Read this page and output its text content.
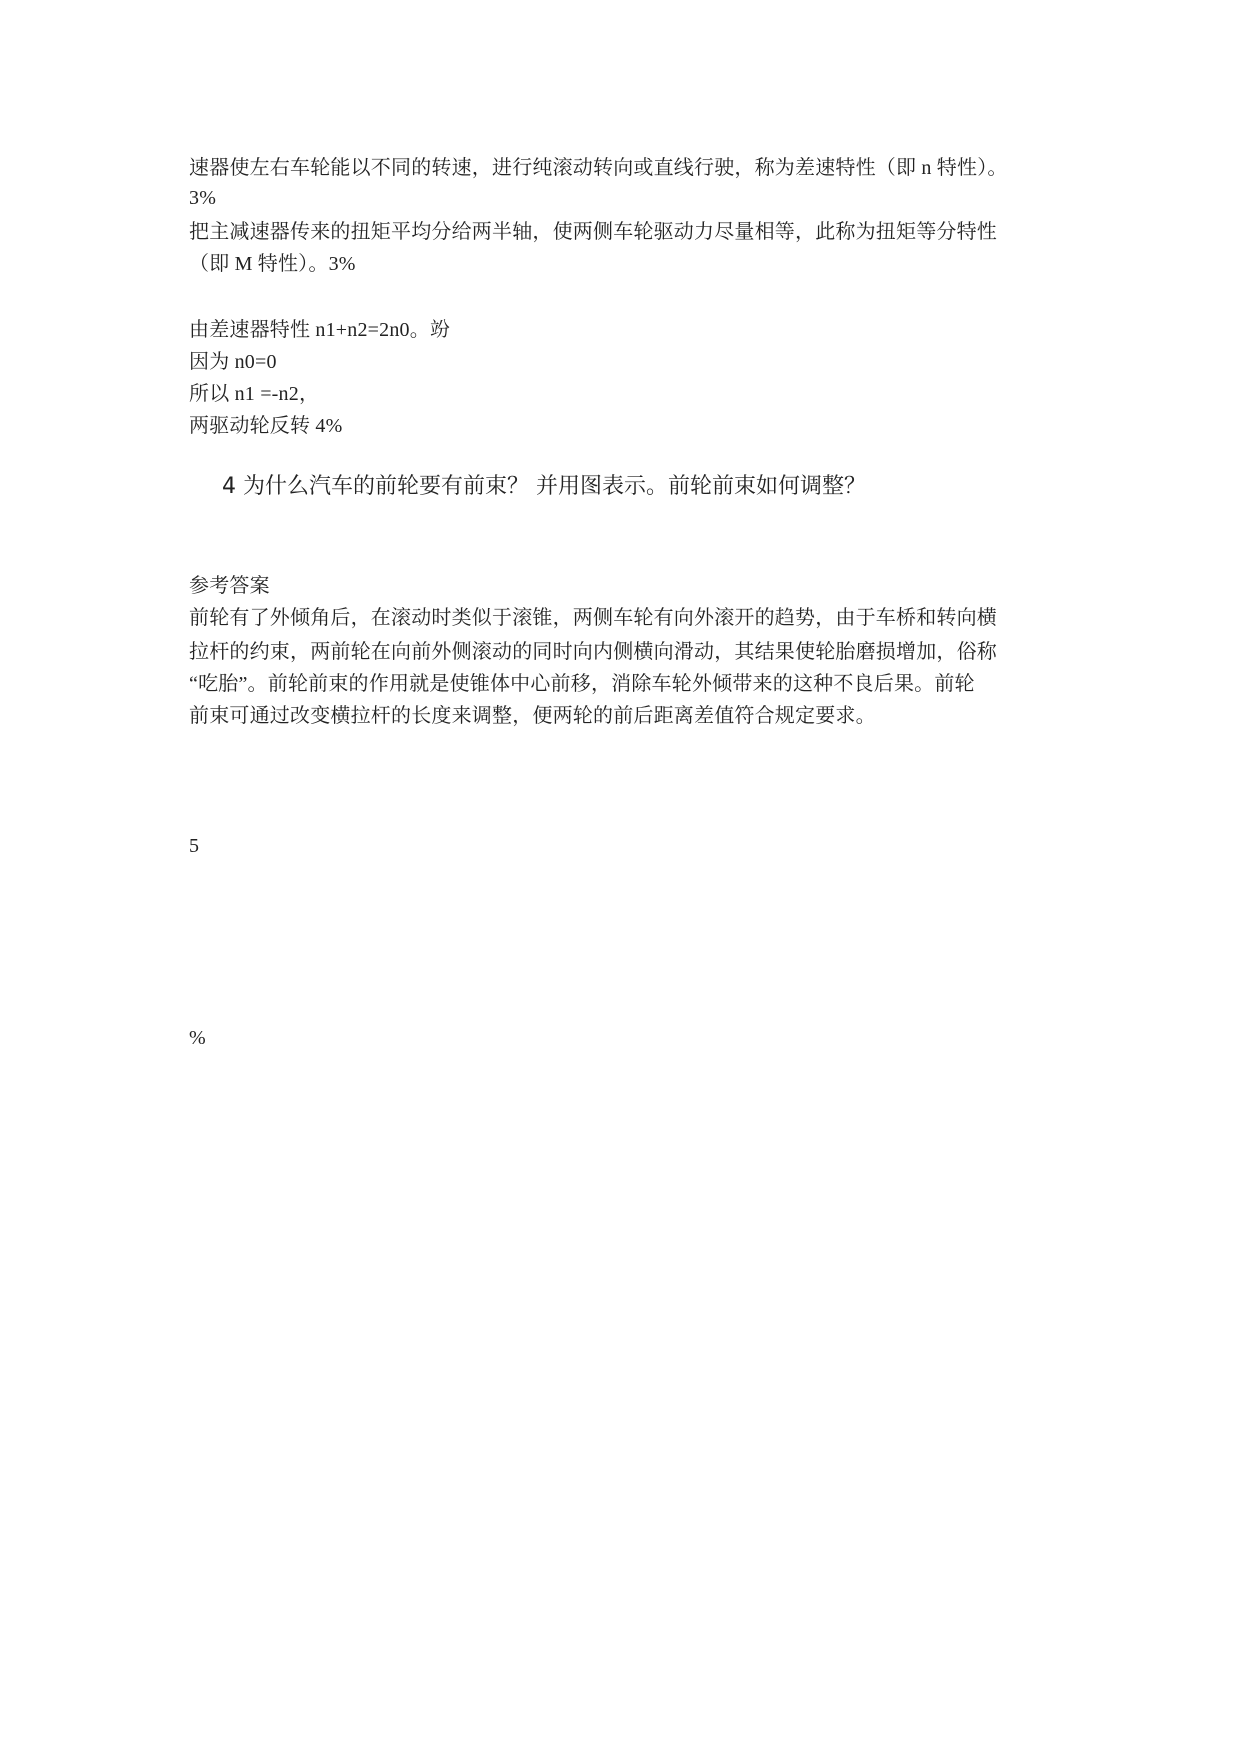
速器使左右车轮能以不同的转速，进行纯滚动转向或直线行驶，称为差速特性（即 n 特性）。
3%
把主减速器传来的扭矩平均分给两半轴，使两侧车轮驱动力尽量相等，此称为扭矩等分特性
（即 M 特性）。3%
由差速器特性 n1+n2=2n0。竕
因为 n0=0
所以 n1 =-n2，
两驱动轮反转 4%
4 为什么汽车的前轮要有前束？ 并用图表示。前轮前束如何调整？
参考答案
前轮有了外倾角后，在滚动时类似于滚锥，两侧车轮有向外滚开的趋势，由于车桥和转向横
拉杆的约束，两前轮在向前外侧滚动的同时向内侧横向滑动，其结果使轮胎磨损增加，俗称
“吃胎”。前轮前束的作用就是使锥体中心前移，消除车轮外倾带来的这种不良后果。前轮
前束可通过改变横拉杆的长度来调整，便两轮的前后距离差值符合规定要求。
5
%
